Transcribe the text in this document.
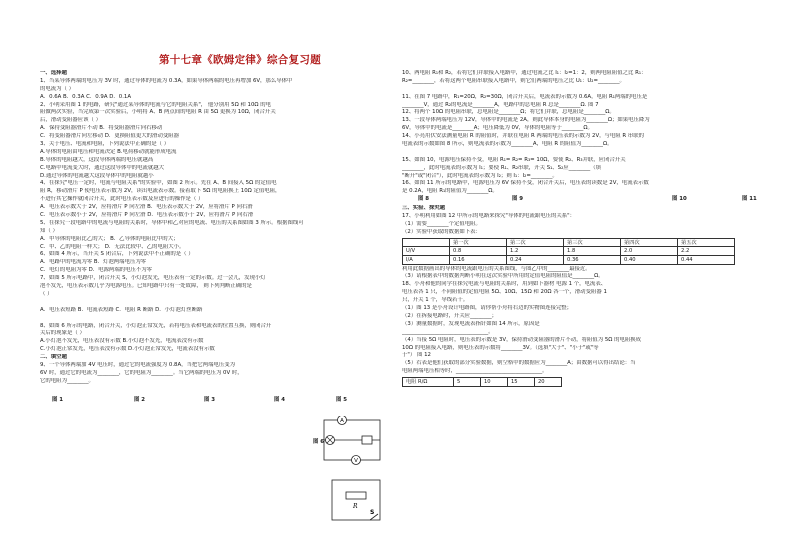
第十七章《欧姆定律》综合复习题
一、选择题
1、当某导体两端的电压为 3V 时，通过导体的电流为 0.3A，如果导体两端的电压再增加 6V，那么导体中
的电流为（ ）
A．0.6A B．0.3A C．0.9A D．0.1A
2、小明采用图 1 的电路，研究"通过某导体的电流与它的电阻关系"， 他分别用 5Ω 和 10Ω 的电
阻做两次实验，当完成第一次实验后，小明将 A、B 两点间的电阻 R 由 5Ω 更换为 10Ω，闭合开关
后，滑动变阻器应该（ ）
A．保持变阻器滑片不动 B．将变阻器滑片向右移动
C．将变阻器滑片向左移动 D．更换阻值更大的滑动变阻器
3、关于电压、电流和电阻，下列说法中正确的是（ ）
A.导体的电阻由电压和电流决定 B.电荷移动就能形成电流
B.导体的电阻越大，这段导体两端的电压就越高
C.电路中电流变大时，通过这段导体中的电流就越大
D.通过导体的电流越大这段导体中的电阻就越小
4、在探究"电压一定时，电流与电阻关系"的实验中，如图 2 所示。先在 A、B 间接入 5Ω 的定值电
阻 R，移动滑片 P 使电压表示数为 2V，读出电流表示数。接着取下 5Ω 的电阻换上 10Ω 定值电阻，
不进行其它操作就闭合开关，此时电压表示数及应进行的操作是（ ）
A．电压表示数大于 2V，应将滑片 P 向左滑 B．电压表示数大于 2V，应将滑片 P 向右滑
C．电压表示数小于 2V，应将滑片 P 向左滑 D．电压表示数小于 2V，应将滑片 P 向右滑
5、在探究一段电路中的电流与电阻的关系时，导体甲和乙对应的电流、电压的关系图如图 3 所示。根据图线可
知（ ）
A．甲导体的电阻比乙的大； B．乙导体的电阻比甲的大；
C．甲、乙的电阻一样大； D．无法比较甲、乙的电阻大小。
6、如图 4 所示，当开关 S 闭合后，下列说法中不正确的是（ ）
A．电路中的电流为零 B．灯泡两端电压为零
C．电灯的电阻为零 D．电源两端的电压不为零
7、如图 5 所示电路中，闭合开关 S，小灯泡发光，电压表有一定的示数。过一会儿，发现小灯
泡不发光，电压表示数几乎为电源电压。已知电路中只有一处故障， 则下列判断正确的是
（ ）
A．电压表短路 B．电流表短路 C．电阻 R 断路 D．小灯泡灯丝断路
8、如图 6 所示的电路，闭合开关，小灯泡正常发光，若将电压表和电流表的位置互换，则闭合开
关后的现象是（ ）
A.小灯泡不发光，电压表没有示数 B.小灯泡不发光，电流表没有示数
C.小灯泡正常发光，电压表没有示数 D.小灯泡正常发光，电流表没有示数
二、填空题
9、一个导体两端加 4V 电压时，通过它的电流强度为 0.8A，当把它两端电压变为
6V 时，通过它的电流为________，它的电阻为________。当它两端的电压为 0V 时，
它的电阻为________。
图 1	图 2	图 3	图 4	图 5
A
V
R
S
图 6
10、两电阻 R₁和 R₂，若将它们并联接入电路中，通过电流之比 I₁：I₂=1：2，则两电阻阻值之比 R₁：
R₂=________，若将这两个电阻串联接入电路中，则它们两端的电压之比 U₁：U₂=________。
11、在图 7 电路中，R₁=20Ω，R₂=30Ω，闭合开关后，电流表的示数为 0.6A，电阻 R₁两端的电压是
________V，通过 R₂的电流是________A，电路中的总电阻 R 总是________Ω. 图 7
12、将两个 10Ω 的电阻串联，总电阻是________Ω；将它们并联，总电阻是________Ω。
13、一段导体两端电压为 12V，导体中的电流是 2A，则此导体本身的电阻为________Ω；如果电压降为
6V，导体中的电流是________A；电压降低为 0V，导体的电阻等于________Ω。
14、小亮用伏安法测量电阻 R 的阻值时，并联在电阻 R 两端的电压表的示数为 2V，与电阻 R 串联的
电流表的示数如图 8 所示，则电流表的示数为________A，电阻 R 的阻值为________Ω。
15、如图 10，电源电压保持不变，电阻 R₁= R₂= R₃= 10Ω，要使 R₂、R₃并联，应闭合开关
________，此时电流表的示数为 I₁；要使 R₁、R₂串联，开关 S₁、S₂应________（填
"断开"或"闭合"），此时电流表的示数为 I₂；则 I₁：I₂=________。
16、如图 11 所示的电路中，电源电压为 6V 保持不变，闭合开关后，电压表的读数是 2V，电流表示数
是 0.2A，电阻 R₁的阻值为________Ω。
图 8	图 9	图 10	图 11
三、实验、探究题
17、小明利用如图 12 甲所示的电路来探究"导体的电流跟电压的关系"：
（1）需要________个定值电阻。
（2）实验中获取的数据如下表：
	第一次	第二次	第三次	第四次	第五次
U/V	0.8	1.2	1.8	2.0	2.2
I/A	0.16	0.24	0.36	0.40	0.44
利用此数据画出的导体的电流跟电压的关系图线，与图乙中的________最接近。
（3）请根据表中的数据判断小明在这次实验中所用的定值电阻的阻值是________Ω。
18、小舟和他的同学在探究电流与电阻的关系时，用到如下器材 电源 1 个，电流表、
电压表各 1 只，不同阻值的定值电阻 5Ω、10Ω、15Ω 和 20Ω 各一个，滑动变阻器 1
只，开关 1 个，导线若干。
（1）图 13 是小舟设计电路图，请你帮小舟将右边的实物图连接完整；
（2）在拆接电路时，开关应________；
（3）测量数据时，发现电流表指针如图 14 所示，原因是
________________________________。
（4）当接 5Ω 电阻时，电压表的示数是 3V，保持滑动变阻器的滑片不动，将阻值为 5Ω 的电阻换成
10Ω 的电阻接入电路，则电压表的示数将________3V。（选填"大于"、"小于"或"等
于"） 图 12
（5）右表是他们获取的部分实验数据，则空格中的数据应为________A；由数据可以得出结论：当
电阻两端电压相等时，________________________________。
电阻 R/Ω	5	10	15	20
